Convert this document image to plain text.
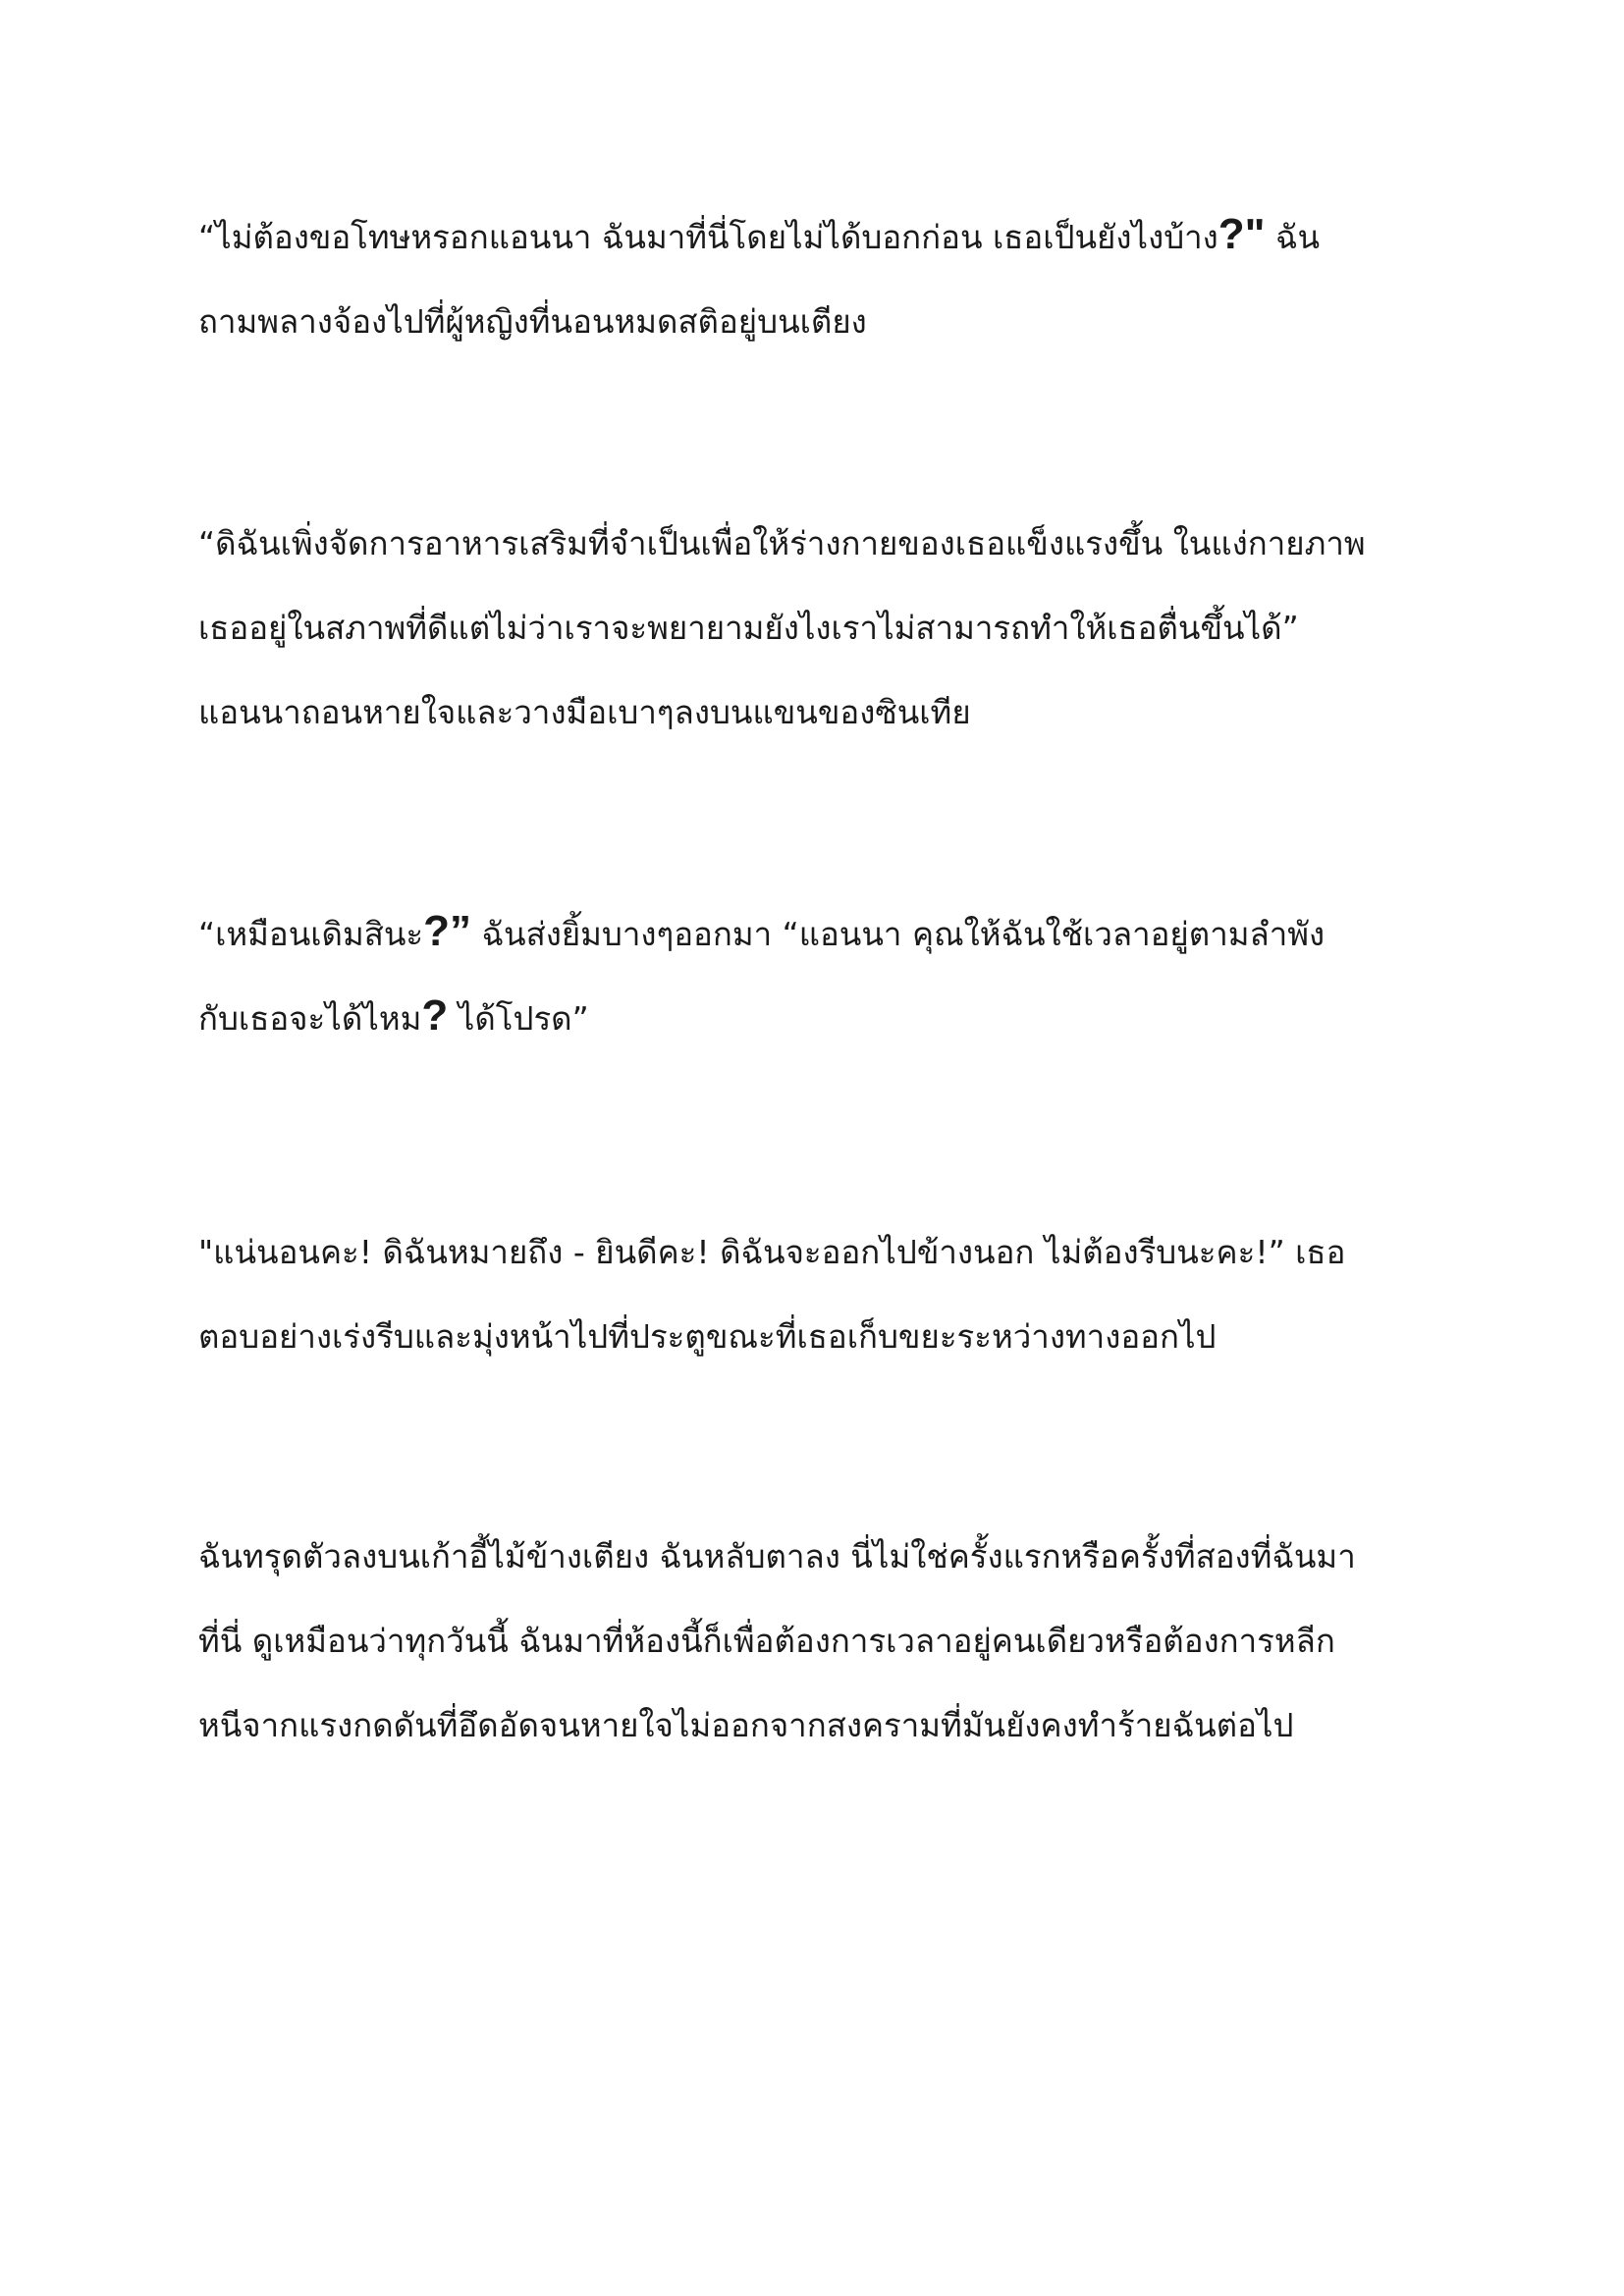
“ไม่ต้องขอโทษหรอกแอนนา ฉันมาที่นี่โดยไม่ได้บอกก่อน เธอเป็นยังไงบ้าง?" ฉัน
ถามพลางจ้องไปที่ผู้หญิงที่นอนหมดสติอยู่บนเตียง
“ดิฉันเพิ่งจัดการอาหารเสริมที่จำเป็นเพื่อให้ร่างกายของเธอแข็งแรงขึ้น ในแง่กายภาพ
เธออยู่ในสภาพที่ดีแต่ไม่ว่าเราจะพยายามยังไงเราไม่สามารถทำให้เธอตื่นขึ้นได้”
แอนนาถอนหายใจและวางมือเบาๆลงบนแขนของซินเทีย
“เหมือนเดิมสินะ?” ฉันส่งยิ้มบางๆออกมา “แอนนา คุณให้ฉันใช้เวลาอยู่ตามลำพัง
กับเธอจะได้ไหม? ได้โปรด”
"แน่นอนคะ! ดิฉันหมายถึง - ยินดีคะ! ดิฉันจะออกไปข้างนอก ไม่ต้องรีบนะคะ!” เธอ
ตอบอย่างเร่งรีบและมุ่งหน้าไปที่ประตูขณะที่เธอเก็บขยะระหว่างทางออกไป
ฉันทรุดตัวลงบนเก้าอี้ไม้ข้างเตียง ฉันหลับตาลง นี่ไม่ใช่ครั้งแรกหรือครั้งที่สองที่ฉันมา
ที่นี่ ดูเหมือนว่าทุกวันนี้ ฉันมาที่ห้องนี้ก็เพื่อต้องการเวลาอยู่คนเดียวหรือต้องการหลีก
หนีจากแรงกดดันที่อึดอัดจนหายใจไม่ออกจากสงครามที่มันยังคงทำร้ายฉันต่อไป
